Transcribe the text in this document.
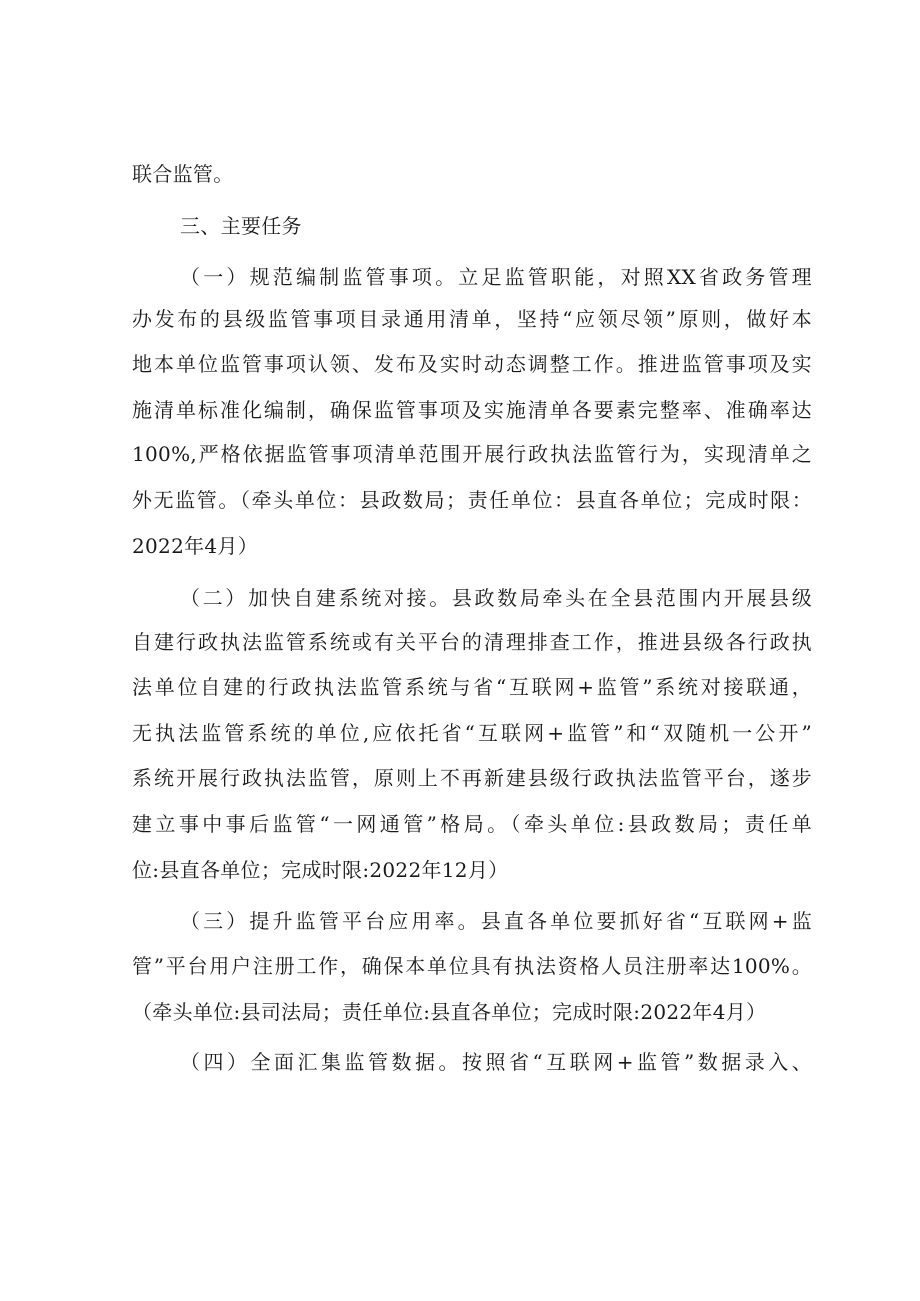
联合监管。
三、主要任务
（一）规范编制监管事项。立足监管职能，对照XX省政务管理
办发布的县级监管事项目录通用清单，坚持“应领尽领”原则，做好本
地本单位监管事项认领、发布及实时动态调整工作。推进监管事项及实
施清单标准化编制，确保监管事项及实施清单各要素完整率、准确率达
100%,严格依据监管事项清单范围开展行政执法监管行为，实现清单之
外无监管。（牵头单位：县政数局；责任单位：县直各单位；完成时限：
2022年4月）
（二）加快自建系统对接。县政数局牵头在全县范围内开展县级
自建行政执法监管系统或有关平台的清理排查工作，推进县级各行政执
法单位自建的行政执法监管系统与省“互联网+监管”系统对接联通，
无执法监管系统的单位,应依托省“互联网+监管”和“双随机一公开”
系统开展行政执法监管，原则上不再新建县级行政执法监管平台，遂步
建立事中事后监管“一网通管”格局。（牵头单位:县政数局；责任单
位:县直各单位；完成时限:2022年12月）
（三）提升监管平台应用率。县直各单位要抓好省“互联网+监
管”平台用户注册工作，确保本单位具有执法资格人员注册率达100%。
（牵头单位:县司法局；责任单位:县直各单位；完成时限:2022年4月）
（四）全面汇集监管数据。按照省“互联网+监管”数据录入、
